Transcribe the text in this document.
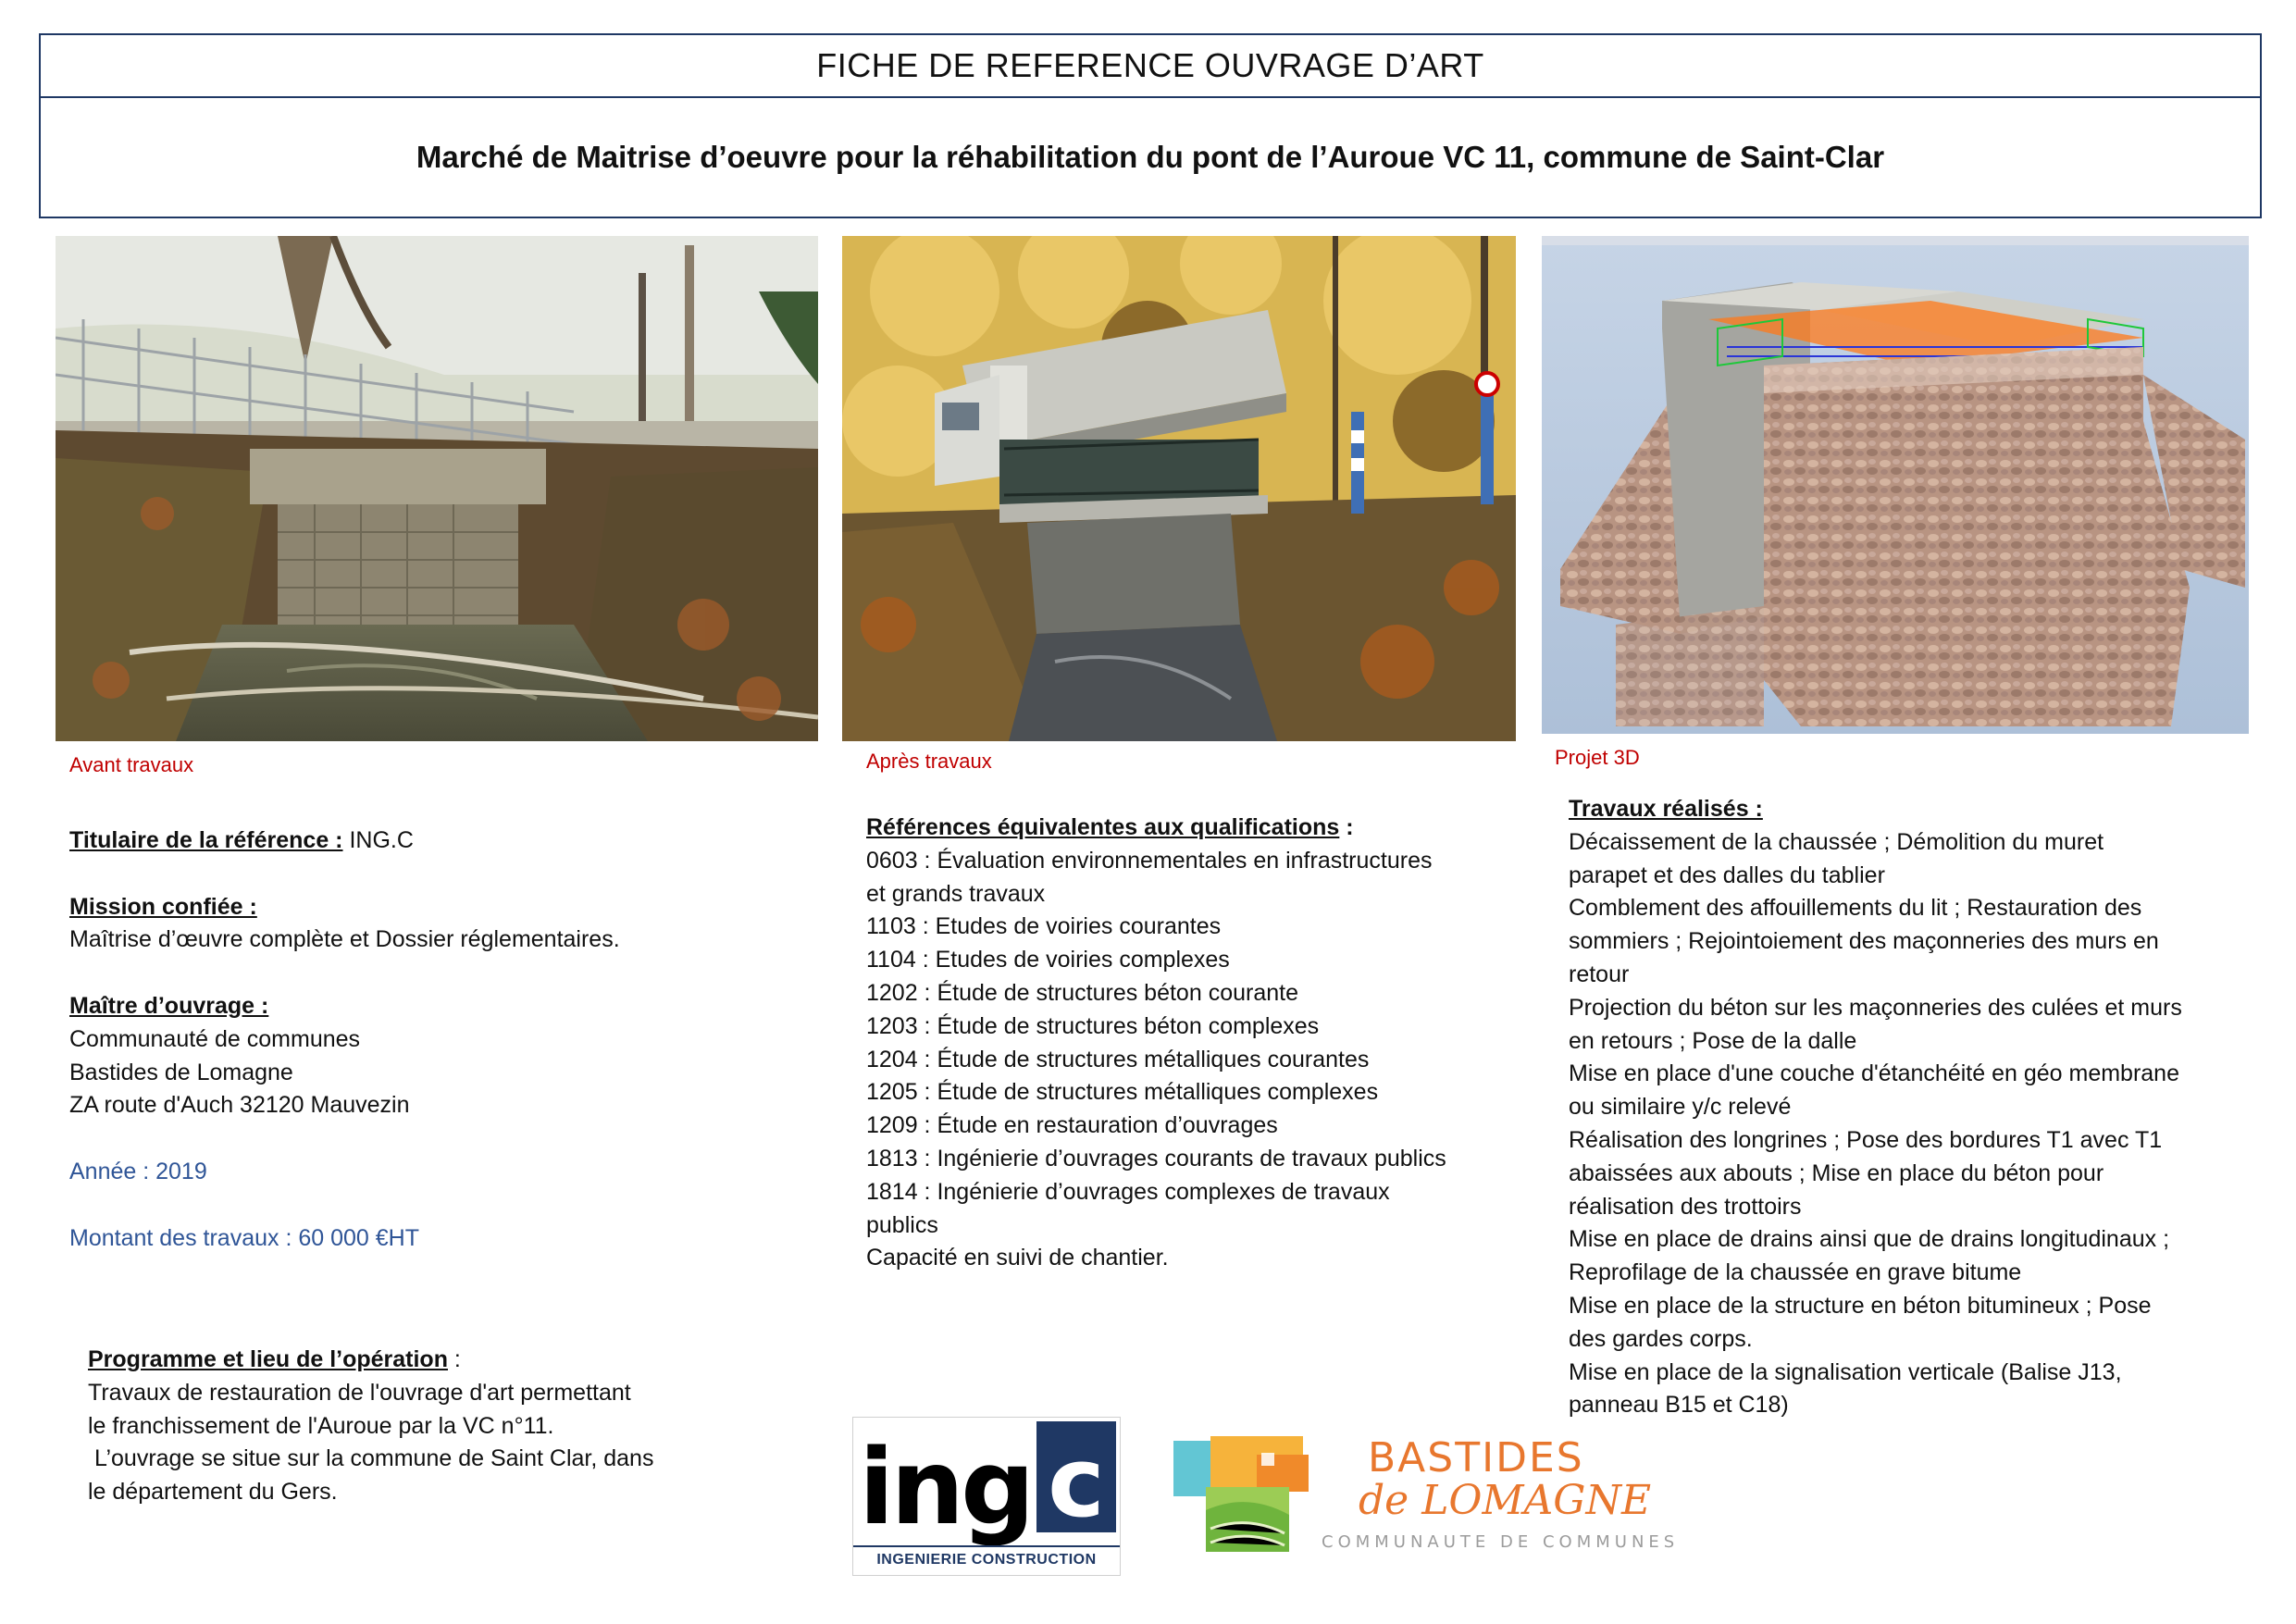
FICHE DE REFERENCE OUVRAGE D’ART
Marché de Maitrise d’oeuvre pour la réhabilitation du pont de l’Auroue VC 11, commune de Saint-Clar
Avant travaux	Après travaux	Projet 3D

Titulaire de la référence : ING.C

Mission confiée :

Maîtrise d’œuvre complète et Dossier réglementaires.

Maître d’ouvrage :

Communauté de communes

Bastides de Lomagne

ZA route d'Auch 32120 Mauvezin

Année : 2019

Montant des travaux : 60 000 €HT

Programme et lieu de l’opération :

Travaux de restauration de l'ouvrage d'art permettant

le franchissement de l'Auroue par la VC n°11.

L’ouvrage se situe sur la commune de Saint Clar, dans

le département du Gers.

Références équivalentes aux qualifications :

0603 : Évaluation environnementales en infrastructures

et grands travaux

1103 : Etudes de voiries courantes

1104 : Etudes de voiries complexes

1202 : Étude de structures béton courante

1203 : Étude de structures béton complexes

1204 : Étude de structures métalliques courantes

1205 : Étude de structures métalliques complexes

1209 : Étude en restauration d’ouvrages

1813 : Ingénierie d’ouvrages courants de travaux publics

1814 : Ingénierie d’ouvrages complexes de travaux

publics

Capacité en suivi de chantier.

Travaux réalisés :

Décaissement de la chaussée ; Démolition du muret

parapet et des dalles du tablier

Comblement des affouillements du lit ; Restauration des

sommiers ; Rejointoiement des maçonneries des murs en

retour

Projection du béton sur les maçonneries des culées et murs

en retours ; Pose de la dalle

Mise en place d'une couche d'étanchéité en géo membrane

ou similaire y/c relevé

Réalisation des longrines ; Pose des bordures T1 avec T1

abaissées aux abouts ; Mise en place du béton pour

réalisation des trottoirs

Mise en place de drains ainsi que de drains longitudinaux ;

Reprofilage de la chaussée en grave bitume

Mise en place de la structure en béton bitumineux ; Pose

des gardes corps.

Mise en place de la signalisation verticale (Balise J13,

panneau B15 et C18)

ing c
INGENIERIE CONSTRUCTION
BASTIDES
de LOMAGNE
COMMUNAUTE DE COMMUNES
